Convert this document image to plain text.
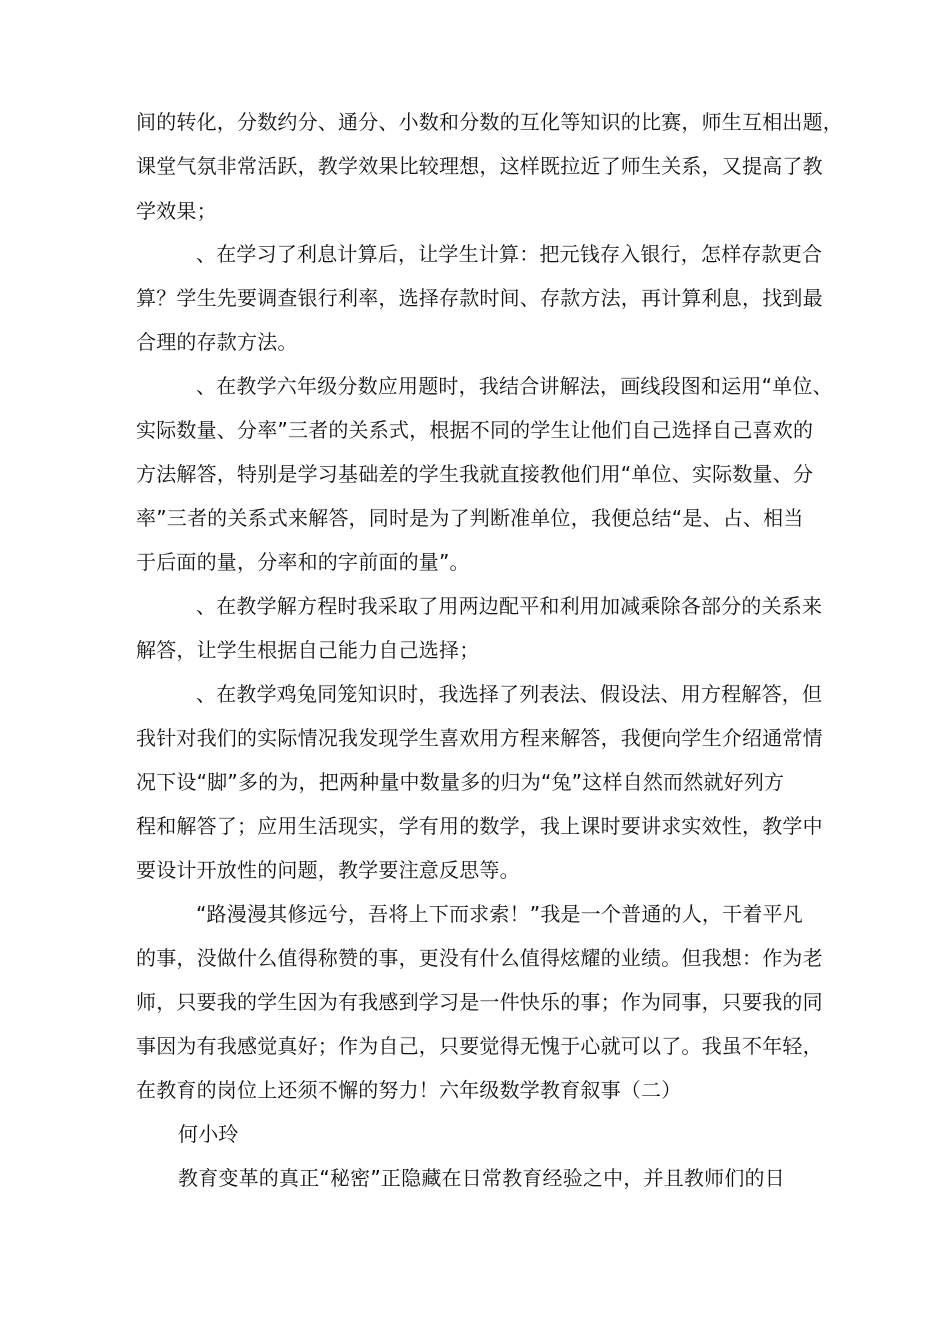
间的转化，分数约分、通分、小数和分数的互化等知识的比赛，师生互相出题，
课堂气氛非常活跃，教学效果比较理想，这样既拉近了师生关系，又提高了教
学效果；
、在学习了利息计算后，让学生计算：把元钱存入银行，怎样存款更合
算？学生先要调查银行利率，选择存款时间、存款方法，再计算利息，找到最
合理的存款方法。
、在教学六年级分数应用题时，我结合讲解法，画线段图和运用“单位、
实际数量、分率”三者的关系式，根据不同的学生让他们自己选择自己喜欢的
方法解答，特别是学习基础差的学生我就直接教他们用“单位、实际数量、分
率”三者的关系式来解答，同时是为了判断准单位，我便总结“是、占、相当
于后面的量，分率和的字前面的量”。
、在教学解方程时我采取了用两边配平和利用加减乘除各部分的关系来
解答，让学生根据自己能力自己选择；
、在教学鸡兔同笼知识时，我选择了列表法、假设法、用方程解答，但
我针对我们的实际情况我发现学生喜欢用方程来解答，我便向学生介绍通常情
况下设“脚”多的为，把两种量中数量多的归为“兔”这样自然而然就好列方
程和解答了；应用生活现实，学有用的数学，我上课时要讲求实效性，教学中
要设计开放性的问题，教学要注意反思等。
“路漫漫其修远兮，吾将上下而求索！”我是一个普通的人，干着平凡
的事，没做什么值得称赞的事，更没有什么值得炫耀的业绩。但我想：作为老
师，只要我的学生因为有我感到学习是一件快乐的事；作为同事，只要我的同
事因为有我感觉真好；作为自己，只要觉得无愧于心就可以了。我虽不年轻，
在教育的岗位上还须不懈的努力！六年级数学教育叙事（二）
何小玲
教育变革的真正“秘密”正隐藏在日常教育经验之中，并且教师们的日
